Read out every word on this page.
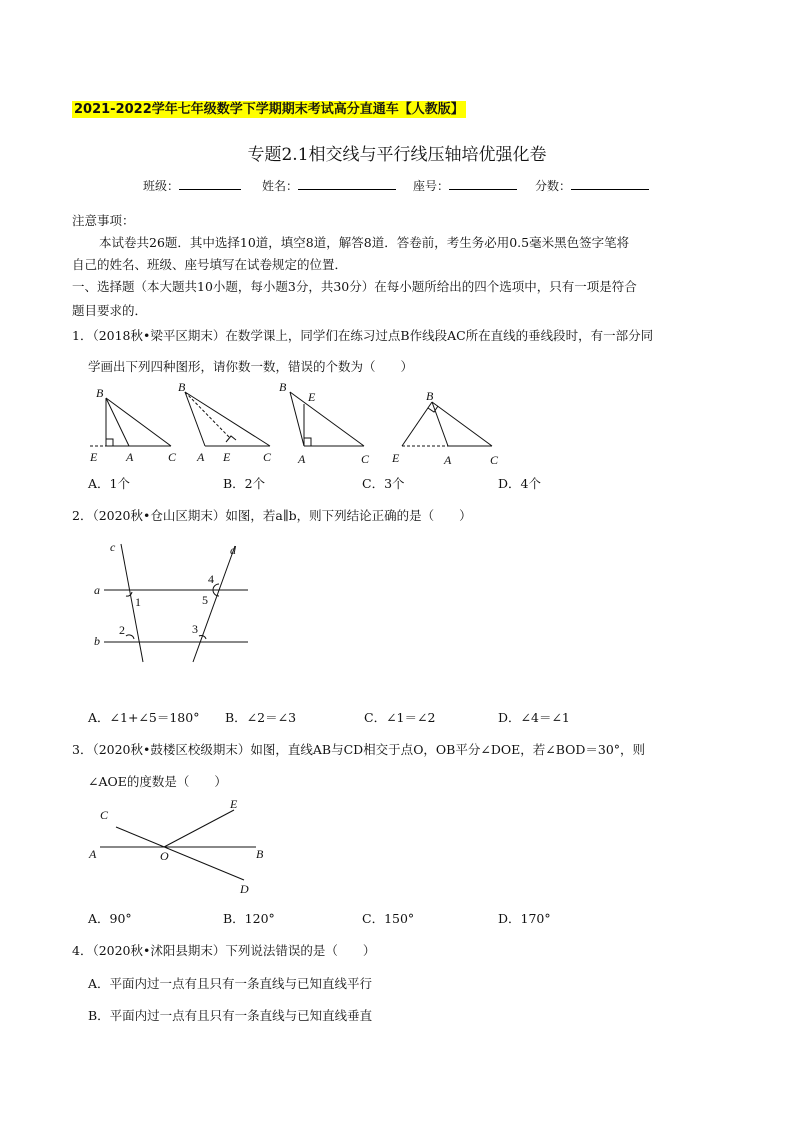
2021-2022学年七年级数学下学期期末考试高分直通车【人教版】
专题2.1相交线与平行线压轴培优强化卷
班级：	姓名：	座号：	分数：
注意事项：
本试卷共26题．其中选择10道，填空8道，解答8道．答卷前，考生务必用0.5毫米黑色签字笔将
自己的姓名、班级、座号填写在试卷规定的位置．
一、选择题（本大题共10小题，每小题3分，共30分）在每小题所给出的四个选项中，只有一项是符合
题目要求的．
1．（2018秋•梁平区期末）在数学课上，同学们在练习过点B作线段AC所在直线的垂线段时，有一部分同
学画出下列四种图形，请你数一数，错误的个数为（　　）
B
E A	C
B
A E	C
B
E
A	C
B
E	A	C
A．1个	B．2个	C．3个	D．4个
2．（2020秋•仓山区期末）如图，若a∥b，则下列结论正确的是（　　）
a
b
c	d
1
2	3
4
5
A．∠1+∠5＝180° B．∠2＝∠3	C．∠1＝∠2	D．∠4＝∠1
3．（2020秋•鼓楼区校级期末）如图，直线AB与CD相交于点O，OB平分∠DOE，若∠BOD＝30°，则
∠AOE的度数是（　　）
C
E
A	O	B
D
A．90°	B．120°	C．150°	D．170°
4．（2020秋•沭阳县期末）下列说法错误的是（　　）
A．平面内过一点有且只有一条直线与已知直线平行
B．平面内过一点有且只有一条直线与已知直线垂直
